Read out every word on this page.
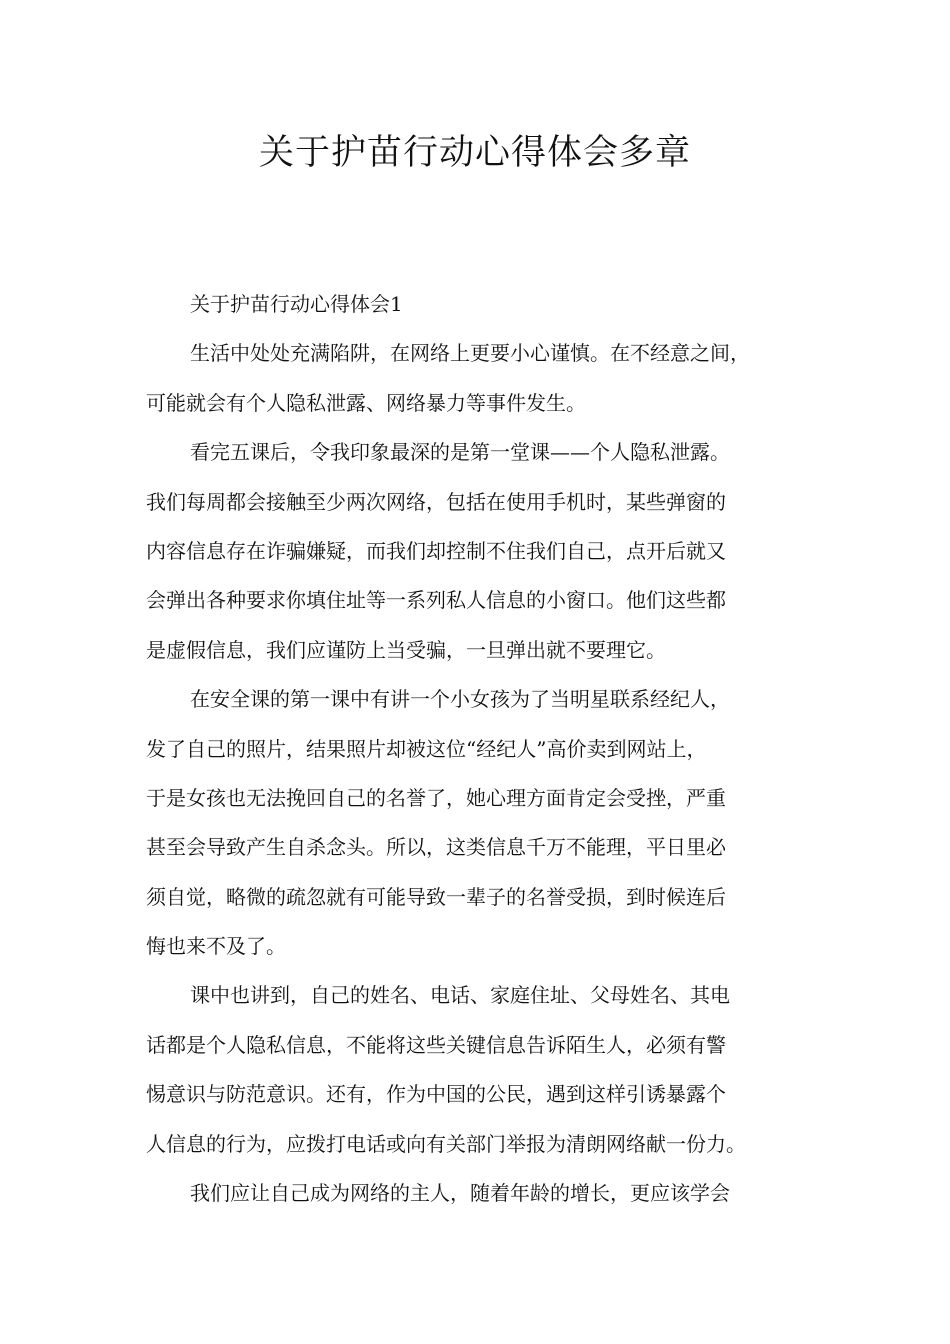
关于护苗行动心得体会多章
关于护苗行动心得体会1
生活中处处充满陷阱，在网络上更要小心谨慎。在不经意之间，
可能就会有个人隐私泄露、网络暴力等事件发生。
看完五课后，令我印象最深的是第一堂课——个人隐私泄露。
我们每周都会接触至少两次网络，包括在使用手机时，某些弹窗的
内容信息存在诈骗嫌疑，而我们却控制不住我们自己，点开后就又
会弹出各种要求你填住址等一系列私人信息的小窗口。他们这些都
是虚假信息，我们应谨防上当受骗，一旦弹出就不要理它。
在安全课的第一课中有讲一个小女孩为了当明星联系经纪人，
发了自己的照片，结果照片却被这位“经纪人”高价卖到网站上，
于是女孩也无法挽回自己的名誉了，她心理方面肯定会受挫，严重
甚至会导致产生自杀念头。所以，这类信息千万不能理，平日里必
须自觉，略微的疏忽就有可能导致一辈子的名誉受损，到时候连后
悔也来不及了。
课中也讲到，自己的姓名、电话、家庭住址、父母姓名、其电
话都是个人隐私信息，不能将这些关键信息告诉陌生人，必须有警
惕意识与防范意识。还有，作为中国的公民，遇到这样引诱暴露个
人信息的行为，应拨打电话或向有关部门举报为清朗网络献一份力。
我们应让自己成为网络的主人，随着年龄的增长，更应该学会
